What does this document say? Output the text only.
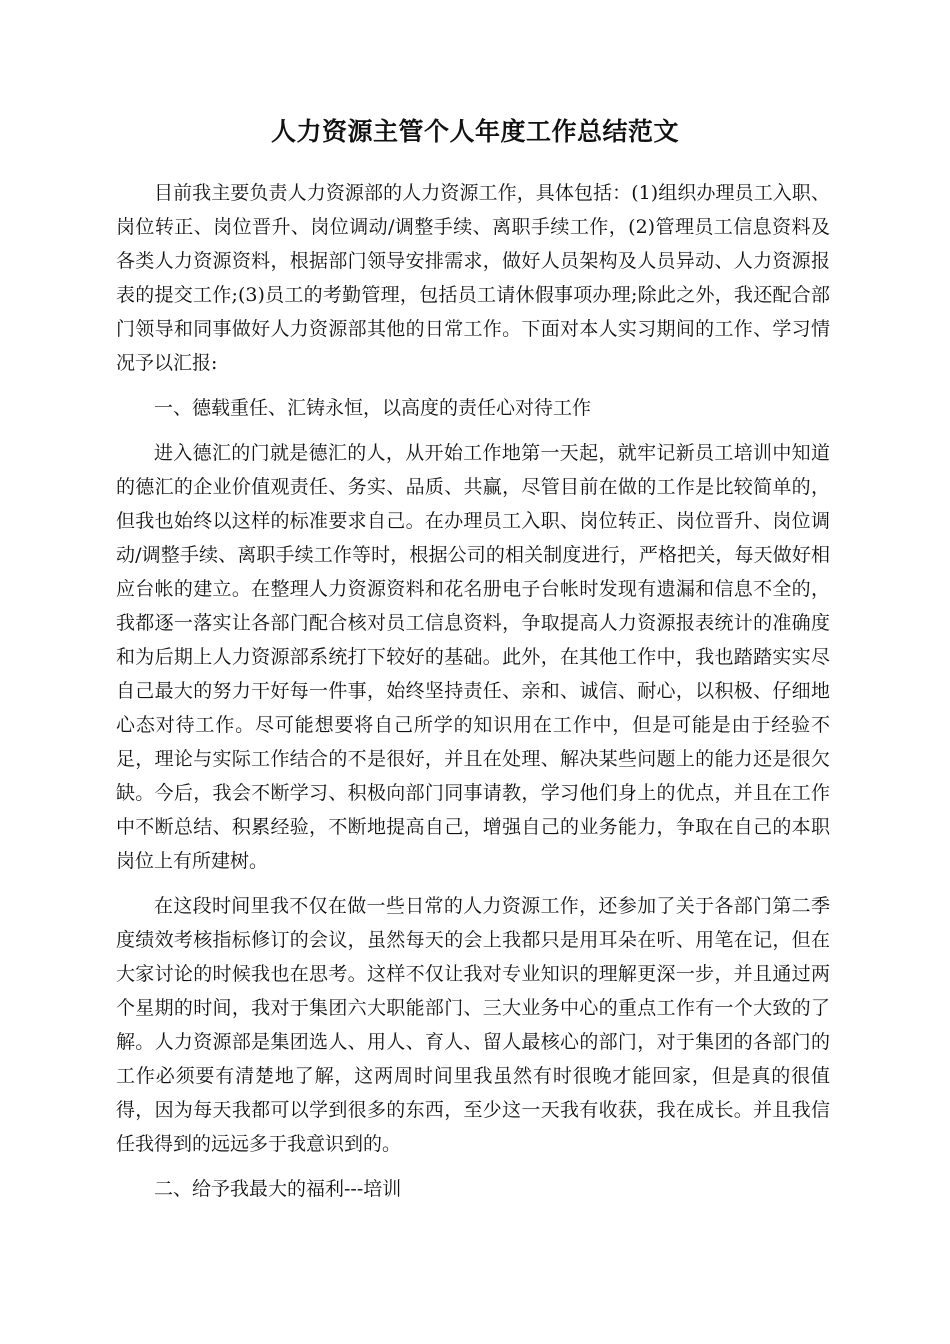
人力资源主管个人年度工作总结范文

目前我主要负责人力资源部的人力资源工作，具体包括：(1)组织办理员工入职、岗位转正、岗位晋升、岗位调动/调整手续、离职手续工作，(2)管理员工信息资料及各类人力资源资料，根据部门领导安排需求，做好人员架构及人员异动、人力资源报表的提交工作;(3)员工的考勤管理，包括员工请休假事项办理;除此之外，我还配合部门领导和同事做好人力资源部其他的日常工作。下面对本人实习期间的工作、学习情况予以汇报:

一、德载重任、汇铸永恒，以高度的责任心对待工作

进入德汇的门就是德汇的人，从开始工作地第一天起，就牢记新员工培训中知道的德汇的企业价值观责任、务实、品质、共赢，尽管目前在做的工作是比较简单的，但我也始终以这样的标准要求自己。在办理员工入职、岗位转正、岗位晋升、岗位调动/调整手续、离职手续工作等时，根据公司的相关制度进行，严格把关，每天做好相应台帐的建立。在整理人力资源资料和花名册电子台帐时发现有遗漏和信息不全的，我都逐一落实让各部门配合核对员工信息资料，争取提高人力资源报表统计的准确度和为后期上人力资源部系统打下较好的基础。此外，在其他工作中，我也踏踏实实尽自己最大的努力干好每一件事，始终坚持责任、亲和、诚信、耐心，以积极、仔细地心态对待工作。尽可能想要将自己所学的知识用在工作中，但是可能是由于经验不足，理论与实际工作结合的不是很好，并且在处理、解决某些问题上的能力还是很欠缺。今后，我会不断学习、积极向部门同事请教，学习他们身上的优点，并且在工作中不断总结、积累经验，不断地提高自己，增强自己的业务能力，争取在自己的本职岗位上有所建树。

在这段时间里我不仅在做一些日常的人力资源工作，还参加了关于各部门第二季度绩效考核指标修订的会议，虽然每天的会上我都只是用耳朵在听、用笔在记，但在大家讨论的时候我也在思考。这样不仅让我对专业知识的理解更深一步，并且通过两个星期的时间，我对于集团六大职能部门、三大业务中心的重点工作有一个大致的了解。人力资源部是集团选人、用人、育人、留人最核心的部门，对于集团的各部门的工作必须要有清楚地了解，这两周时间里我虽然有时很晚才能回家，但是真的很值得，因为每天我都可以学到很多的东西，至少这一天我有收获，我在成长。并且我信任我得到的远远多于我意识到的。

二、给予我最大的福利---培训
